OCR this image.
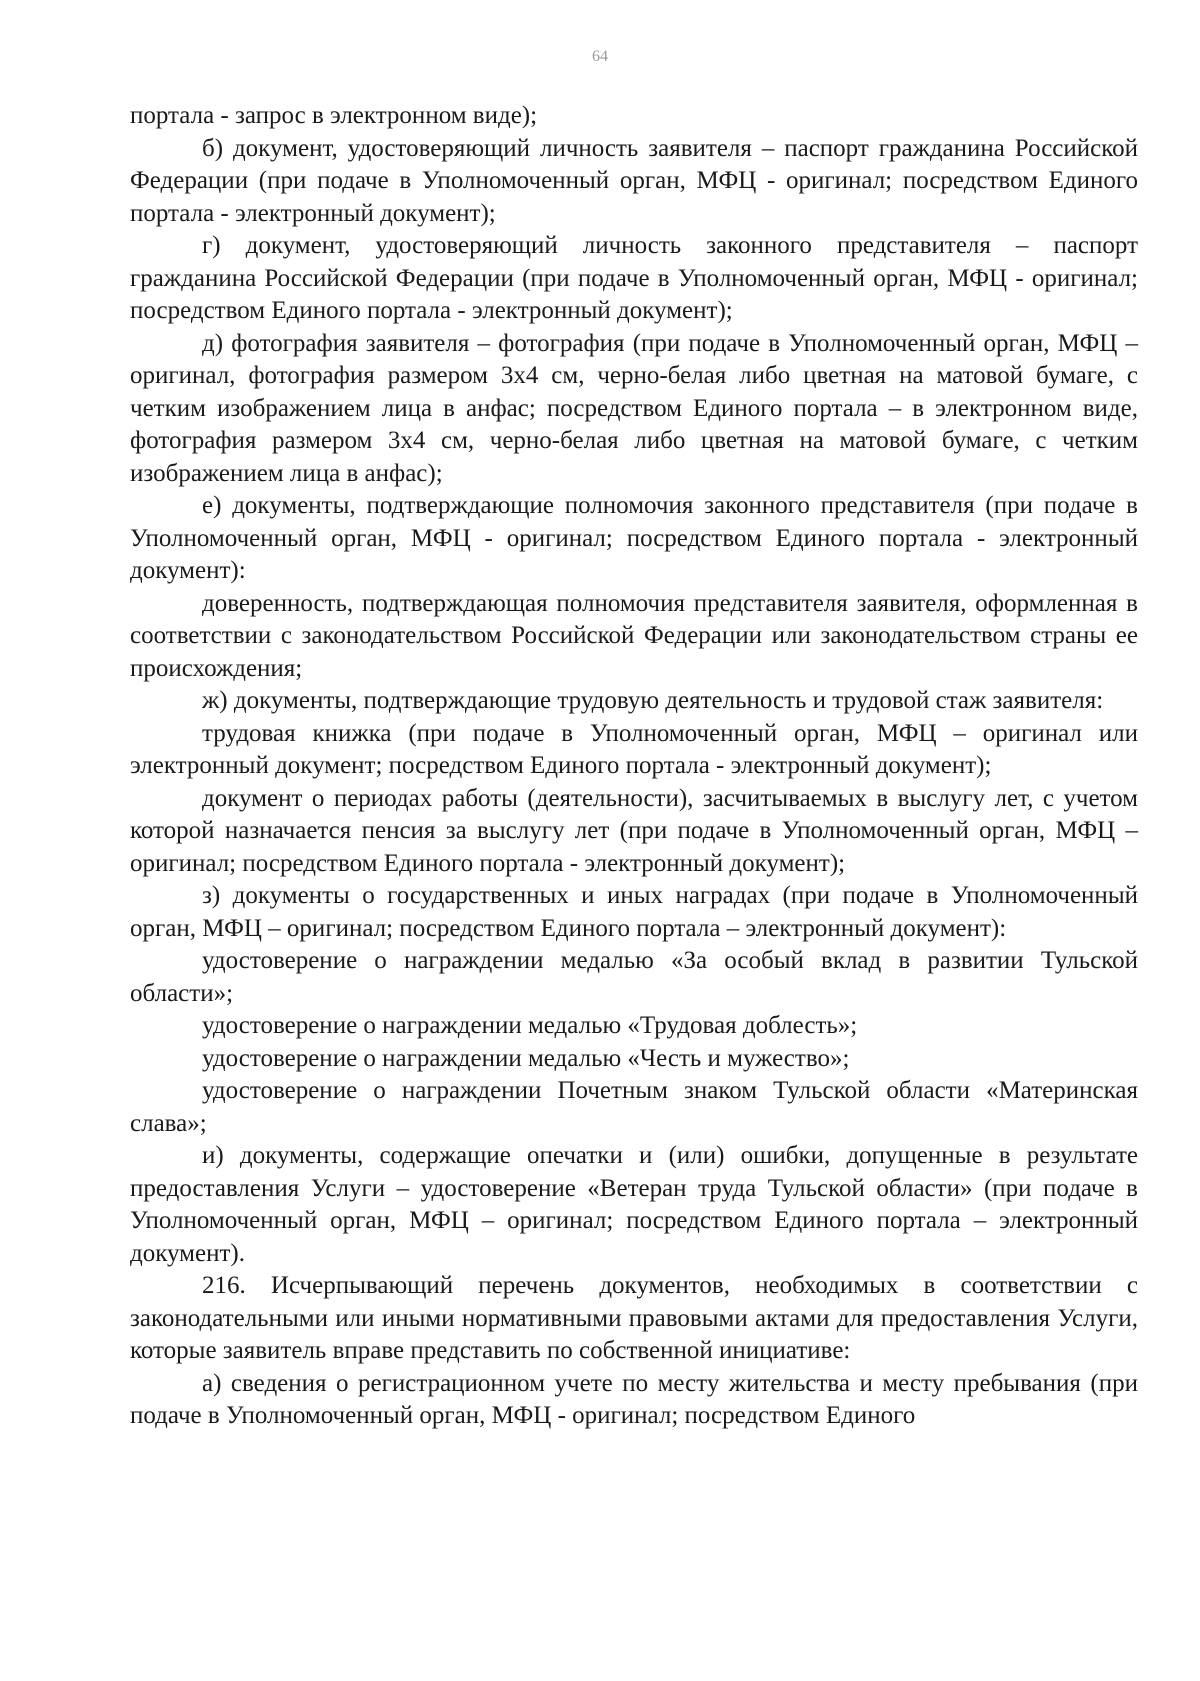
64

портала - запрос в электронном виде);

б) документ, удостоверяющий личность заявителя – паспорт гражданина Российской Федерации (при подаче в Уполномоченный орган, МФЦ - оригинал; посредством Единого портала - электронный документ);

г) документ, удостоверяющий личность законного представителя – паспорт гражданина Российской Федерации (при подаче в Уполномоченный орган, МФЦ - оригинал; посредством Единого портала - электронный документ);

д) фотография заявителя – фотография (при подаче в Уполномоченный орган, МФЦ – оригинал, фотография размером 3х4 см, черно-белая либо цветная на матовой бумаге, с четким изображением лица в анфас; посредством Единого портала – в электронном виде, фотография размером 3х4 см, черно-белая либо цветная на матовой бумаге, с четким изображением лица в анфас);

е) документы, подтверждающие полномочия законного представителя (при подаче в Уполномоченный орган, МФЦ - оригинал; посредством Единого портала - электронный документ):

доверенность, подтверждающая полномочия представителя заявителя, оформленная в соответствии с законодательством Российской Федерации или законодательством страны ее происхождения;

ж) документы, подтверждающие трудовую деятельность и трудовой стаж заявителя:

трудовая книжка (при подаче в Уполномоченный орган, МФЦ – оригинал или электронный документ; посредством Единого портала - электронный документ);

документ о периодах работы (деятельности), засчитываемых в выслугу лет, с учетом которой назначается пенсия за выслугу лет (при подаче в Уполномоченный орган, МФЦ – оригинал; посредством Единого портала - электронный документ);

з) документы о государственных и иных наградах (при подаче в Уполномоченный орган, МФЦ – оригинал; посредством Единого портала – электронный документ):

удостоверение о награждении медалью «За особый вклад в развитии Тульской области»;

удостоверение о награждении медалью «Трудовая доблесть»;

удостоверение о награждении медалью «Честь и мужество»;

удостоверение о награждении Почетным знаком Тульской области «Материнская слава»;

и) документы, содержащие опечатки и (или) ошибки, допущенные в результате предоставления Услуги – удостоверение «Ветеран труда Тульской области» (при подаче в Уполномоченный орган, МФЦ – оригинал; посредством Единого портала – электронный документ).

216. Исчерпывающий перечень документов, необходимых в соответствии с законодательными или иными нормативными правовыми актами для предоставления Услуги, которые заявитель вправе представить по собственной инициативе:

а) сведения о регистрационном учете по месту жительства и месту пребывания (при подаче в Уполномоченный орган, МФЦ - оригинал; посредством Единого
